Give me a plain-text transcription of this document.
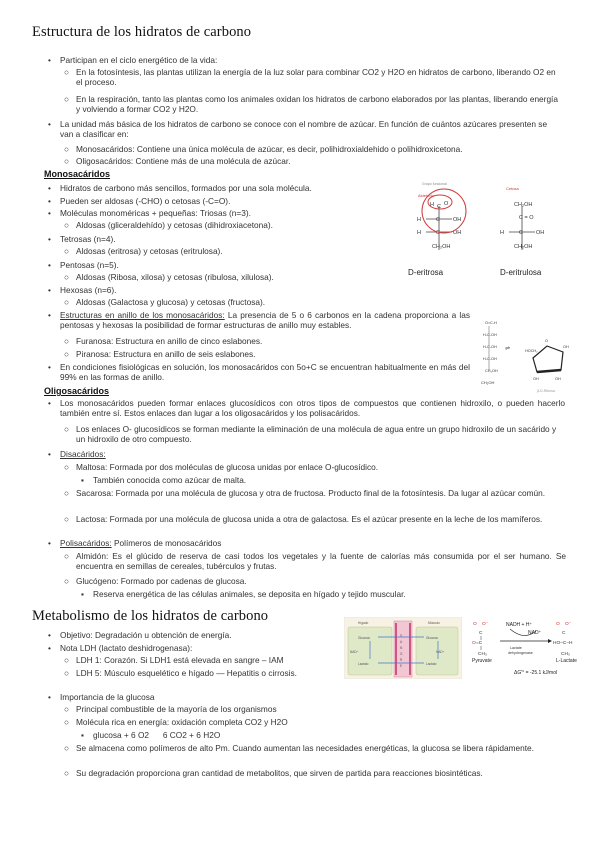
Estructura de los hidratos de carbono
• Participan en el ciclo energético de la vida:
○ En la fotosíntesis, las plantas utilizan la energía de la luz solar para combinar CO2 y H2O en hidratos de carbono, liberando O2 en el proceso.
○ En la respiración, tanto las plantas como los animales oxidan los hidratos de carbono elaborados por las plantas, liberando energía y volviendo a formar CO2 y H2O.
• La unidad más básica de los hidratos de carbono se conoce con el nombre de azúcar. En función de cuántos azúcares presenten se van a clasificar en:
○ Monosacáridos: Contiene una única molécula de azúcar, es decir, polihidroxialdehido o polihidroxicetona.
○ Oligosacáridos: Contiene más de una molécula de azúcar.
Monosacáridos
• Hidratos de carbono más sencillos, formados por una sola molécula.
• Pueden ser aldosas (-CHO) o cetosas (-C=O).
• Moléculas monoméricas + pequeñas: Triosas (n=3).
○ Aldosas (gliceraldehído) y cetosas (dihidroxiacetona).
• Tetrosas (n=4).
○ Aldosas (eritrosa) y cetosas (eritrulosa).
• Pentosas (n=5).
○ Aldosas (Ribosa, xilosa) y cetosas (ribulosa, xilulosa).
• Hexosas (n=6).
○ Aldosas (Galactosa y glucosa) y cetosas (fructosa).
• Estructuras en anillo de los monosacáridos: La presencia de 5 o 6 carbonos en la cadena proporciona a las pentosas y hexosas la posibilidad de formar estructuras de anillo muy estables.
○ Furanosa: Estructura en anillo de cinco eslabones.
○ Piranosa: Estructura en anillo de seis eslabones.
• En condiciones fisiológicas en solución, los monosacáridos con 5o+C se encuentran habitualmente en más del 99% en las formas de anillo.
Grupo funcional
Cetosa
Aldehído
H O
C
H	C OH
H	C OH
CH₂OH
CH₂OH
C = O
H	C OH
CH₂OH
D-eritrosa	D-eritrulosa
O=C-H
H-C-OH
H-C-OH
H-C-OH
CH₂OH
⇌
O
HOCH₂
OH
OH	OH
CH₂OH
β-D-Ribosa
Oligosacáridos
• Los monosacáridos pueden formar enlaces glucosídicos con otros tipos de compuestos que contienen hidroxilo, o pueden hacerlo también entre sí. Estos enlaces dan lugar a los oligosacáridos y los polisacáridos.
○ Los enlaces O- glucosídicos se forman mediante la eliminación de una molécula de agua entre un grupo hidroxilo de un sacárido y un hidroxilo de otro compuesto.
• Disacáridos:
○ Maltosa: Formada por dos moléculas de glucosa unidas por enlace O-glucosídico.
▪ También conocida como azúcar de malta.
○ Sacarosa: Formada por una molécula de glucosa y otra de fructosa. Producto final de la fotosíntesis. Da lugar al azúcar común.
○ Lactosa: Formada por una molécula de glucosa unida a otra de galactosa. Es el azúcar presente en la leche de los mamíferos.
• Polisacáridos: Polímeros de monosacáridos
○ Almidón: Es el glúcido de reserva de casi todos los vegetales y la fuente de calorías más consumida por el ser humano. Se encuentra en semillas de cereales, tubérculos y frutas.
○ Glucógeno: Formado por cadenas de glucosa.
▪ Reserva energética de las células animales, se deposita en hígado y tejido muscular.
Metabolismo de los hidratos de carbono
• Objetivo: Degradación u obtención de energía.
• Nota LDH (lactato deshidrogenasa):
○ LDH 1: Corazón. Si LDH1 está elevada en sangre – IAM
○ LDH 5: Músculo esquelético e hígado — Hepatitis o cirrosis.
• Importancia de la glucosa
○ Principal combustible de la mayoría de los organismos
○ Molécula rica en energía: oxidación completa CO2 y H2O
▪ glucosa + 6 O2      6 CO2 + 6 H2O
○ Se almacena como polímeros de alto Pm. Cuando aumentan las necesidades energéticas, la glucosa se libera rápidamente.
○ Su degradación proporciona gran cantidad de metabolitos, que sirven de partida para reacciones biosintéticas.
Hígado	Músculo
S
A
N
G
R
E
Glucosa	Glucosa
Lactato	Lactato
NAD⁺	NAD⁺
O O⁻
C
O =C
CH₃
Pyruvate
NADH + H⁺
NAD⁺
Lactate
dehydrogenase
O O⁻
C
HO–C–H
CH₃
L-Lactate
ΔG'° = -25.1 kJ/mol
